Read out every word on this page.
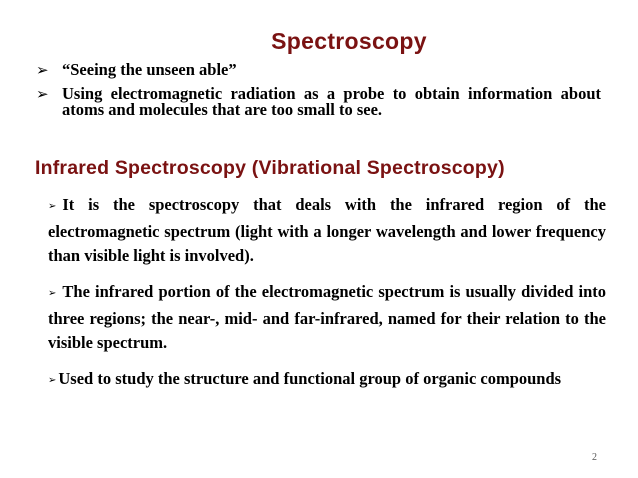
Spectroscopy
➢ “Seeing the unseen able”
➢ Using electromagnetic radiation as a probe to obtain information about atoms and molecules that are too small to see.
Infrared Spectroscopy (Vibrational Spectroscopy)
➢ It is the spectroscopy that deals with the infrared region of the electromagnetic spectrum (light with a longer wavelength and lower frequency than visible light is involved).
➢ The infrared portion of the electromagnetic spectrum is usually divided into three regions; the near-, mid- and far-infrared, named for their relation to the visible spectrum.
➢ Used to study the structure and functional group of organic compounds
2
